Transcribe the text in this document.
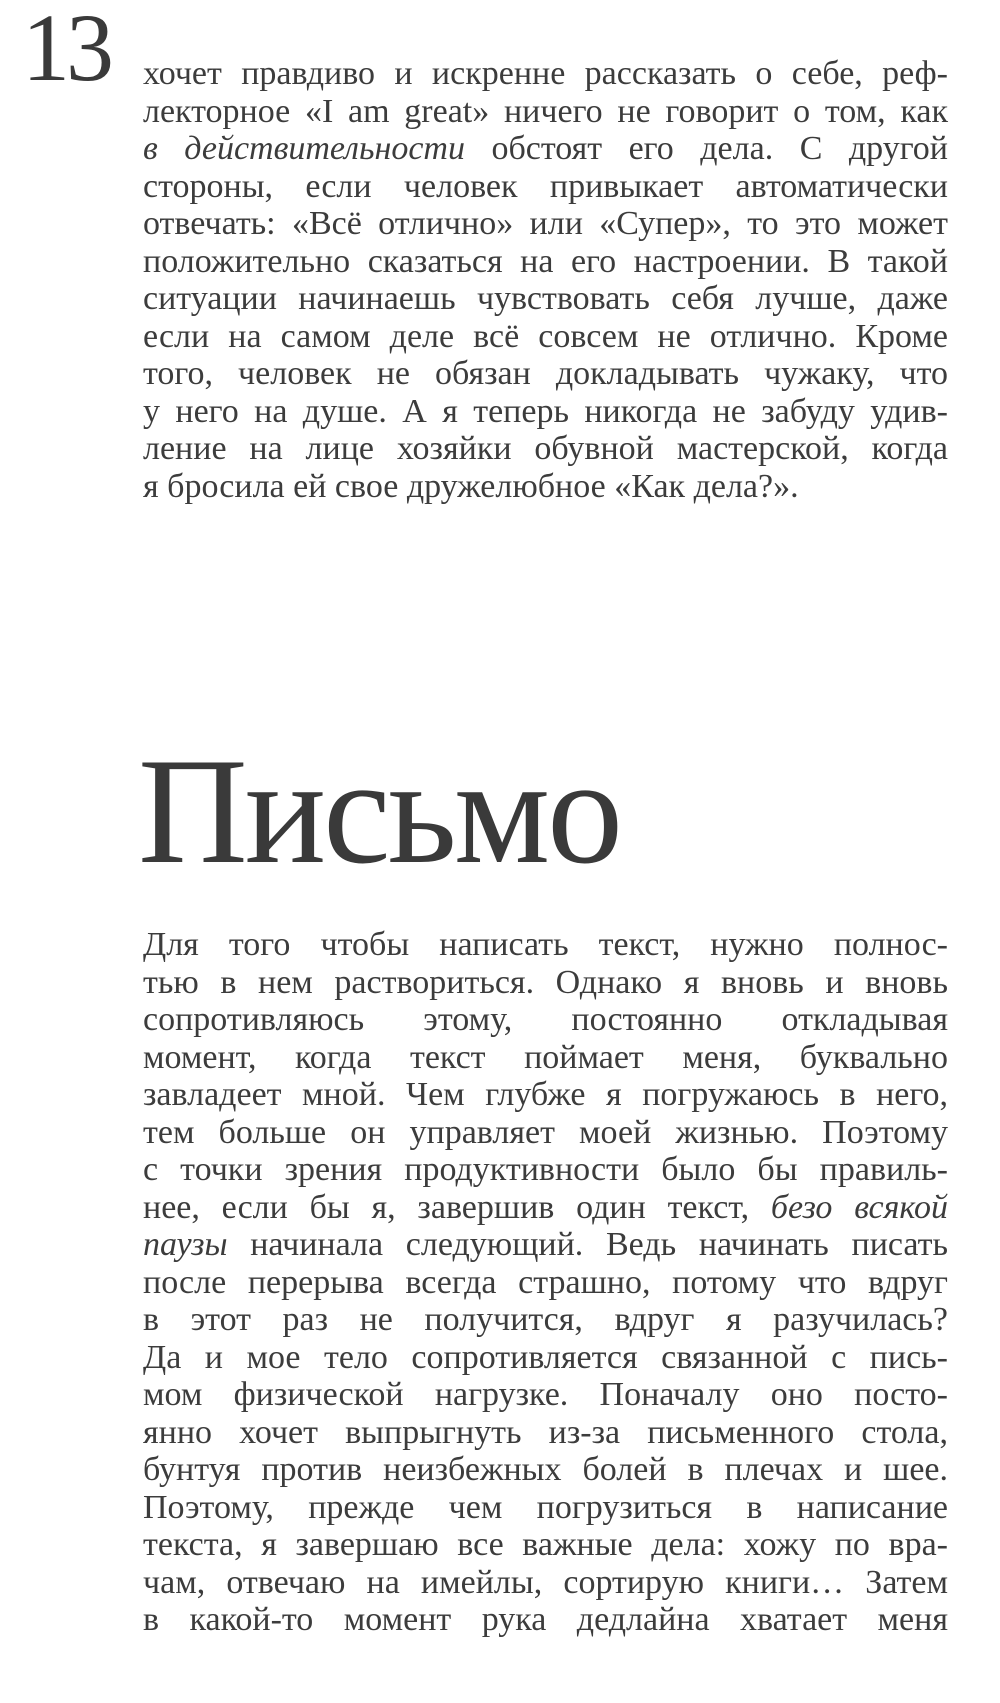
13 хочет правдиво и искренне рассказать о себе, реф-
лекторное «I am great» ничего не говорит о том, как
в действительности обстоят его дела. С другой
стороны, если человек привыкает автоматически
отвечать: «Всё отлично» или «Супер», то это может
положительно сказаться на его настроении. В такой
ситуации начинаешь чувствовать себя лучше, даже
если на самом деле всё совсем не отлично. Кроме
того, человек не обязан докладывать чужаку, что
у него на душе. А я теперь никогда не забуду удив-
ление на лице хозяйки обувной мастерской, когда
я бросила ей свое дружелюбное «Как дела?».
Письмо
Для того чтобы написать текст, нужно полнос-
тью в нем раствориться. Однако я вновь и вновь
сопротивляюсь этому, постоянно откладывая
момент, когда текст поймает меня, буквально
завладеет мной. Чем глубже я погружаюсь в него,
тем больше он управляет моей жизнью. Поэтому
с точки зрения продуктивности было бы правиль-
нее, если бы я, завершив один текст, безо всякой
паузы начинала следующий. Ведь начинать писать
после перерыва всегда страшно, потому что вдруг
в этот раз не получится, вдруг я разучилась?
Да и мое тело сопротивляется связанной с пись-
мом физической нагрузке. Поначалу оно посто-
янно хочет выпрыгнуть из-за письменного стола,
бунтуя против неизбежных болей в плечах и шее.
Поэтому, прежде чем погрузиться в написание
текста, я завершаю все важные дела: хожу по вра-
чам, отвечаю на имейлы, сортирую книги… Затем
в какой-то момент рука дедлайна хватает меня
